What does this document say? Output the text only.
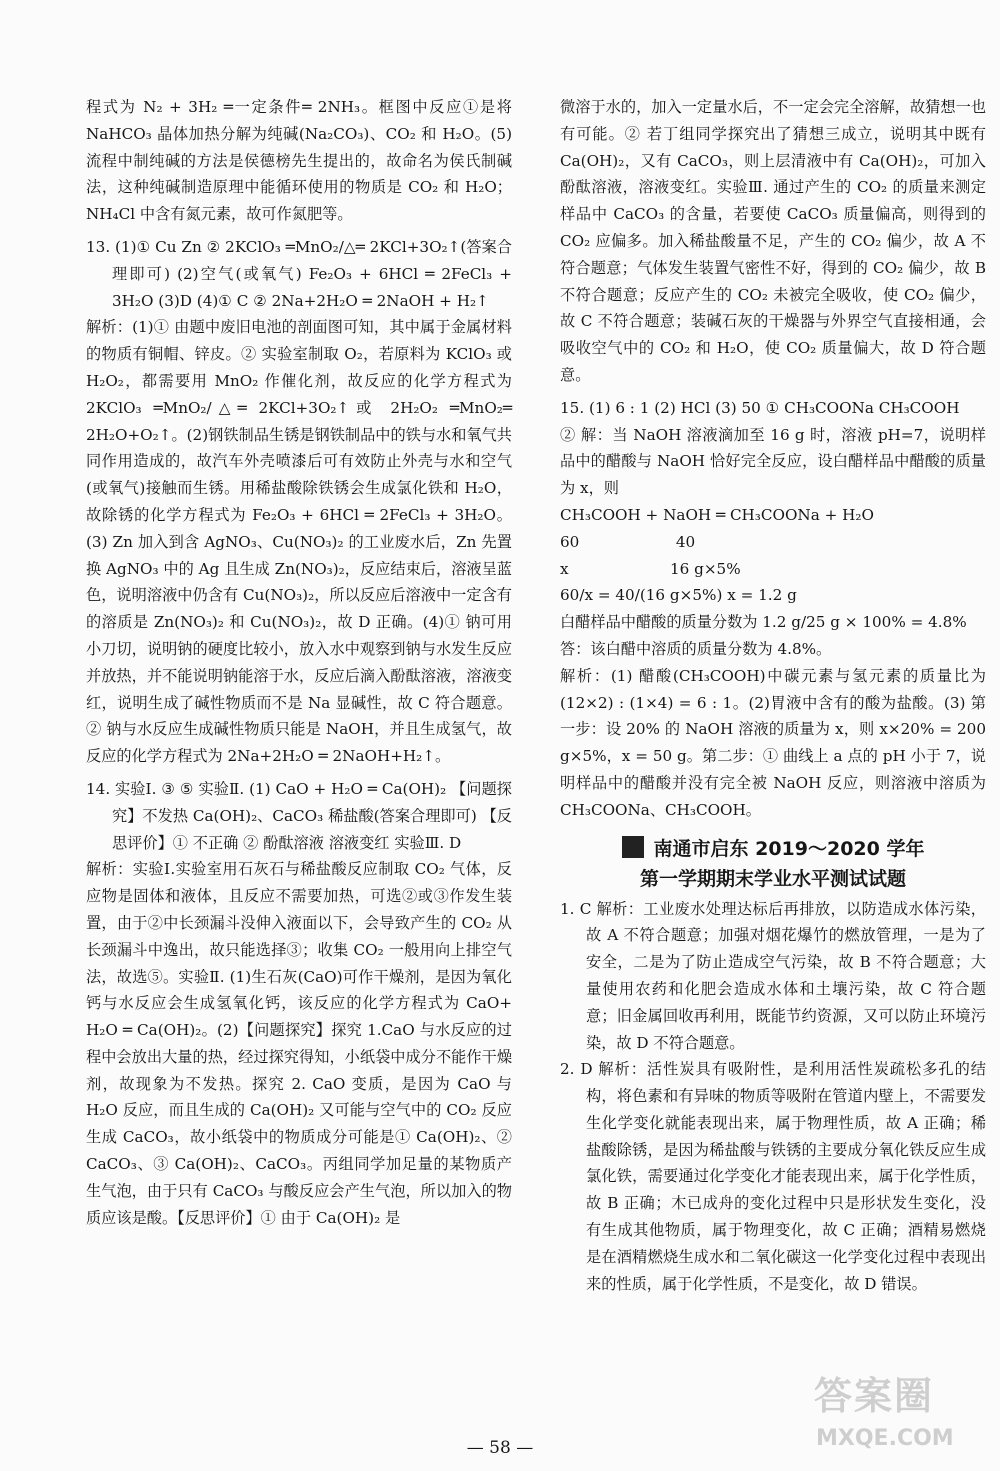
程式为 N₂ + 3H₂ ═一定条件═ 2NH₃。框图中反应①是将NaHCO₃ 晶体加热分解为纯碱(Na₂CO₃)、CO₂ 和 H₂O。(5)流程中制纯碱的方法是侯德榜先生提出的，故命名为侯氏制碱法，这种纯碱制造原理中能循环使用的物质是 CO₂ 和 H₂O；NH₄Cl 中含有氮元素，故可作氮肥等。

13. (1)① Cu Zn ② 2KClO₃ ═MnO₂/△═ 2KCl+3O₂↑(答案合理即可) (2)空气(或氧气) Fe₂O₃ + 6HCl ═ 2FeCl₃ + 3H₂O (3)D (4)① C ② 2Na+2H₂O ═ 2NaOH + H₂↑

解析：(1)① 由题中废旧电池的剖面图可知，其中属于金属材料的物质有铜帽、锌皮。② 实验室制取 O₂，若原料为 KClO₃ 或 H₂O₂，都需要用 MnO₂ 作催化剂，故反应的化学方程式为 2KClO₃ ═MnO₂/△═ 2KCl+3O₂↑或 2H₂O₂ ═MnO₂═ 2H₂O+O₂↑。(2)钢铁制品生锈是钢铁制品中的铁与水和氧气共同作用造成的，故汽车外壳喷漆后可有效防止外壳与水和空气(或氧气)接触而生锈。用稀盐酸除铁锈会生成氯化铁和 H₂O，故除锈的化学方程式为 Fe₂O₃ + 6HCl ═ 2FeCl₃ + 3H₂O。(3) Zn 加入到含 AgNO₃、Cu(NO₃)₂ 的工业废水后，Zn 先置换 AgNO₃ 中的 Ag 且生成 Zn(NO₃)₂，反应结束后，溶液呈蓝色，说明溶液中仍含有 Cu(NO₃)₂，所以反应后溶液中一定含有的溶质是 Zn(NO₃)₂ 和 Cu(NO₃)₂，故 D 正确。(4)① 钠可用小刀切，说明钠的硬度比较小，放入水中观察到钠与水发生反应并放热，并不能说明钠能溶于水，反应后滴入酚酞溶液，溶液变红，说明生成了碱性物质而不是 Na 显碱性，故 C 符合题意。② 钠与水反应生成碱性物质只能是 NaOH，并且生成氢气，故反应的化学方程式为 2Na+2H₂O ═ 2NaOH+H₂↑。

14. 实验Ⅰ. ③ ⑤ 实验Ⅱ. (1) CaO + H₂O ═ Ca(OH)₂ 【问题探究】不发热 Ca(OH)₂、CaCO₃ 稀盐酸(答案合理即可) 【反思评价】① 不正确 ② 酚酞溶液 溶液变红 实验Ⅲ. D

解析：实验Ⅰ.实验室用石灰石与稀盐酸反应制取 CO₂ 气体，反应物是固体和液体，且反应不需要加热，可选②或③作发生装置，由于②中长颈漏斗没伸入液面以下，会导致产生的 CO₂ 从长颈漏斗中逸出，故只能选择③；收集 CO₂ 一般用向上排空气法，故选⑤。实验Ⅱ. (1)生石灰(CaO)可作干燥剂，是因为氧化钙与水反应会生成氢氧化钙，该反应的化学方程式为 CaO+ H₂O ═ Ca(OH)₂。(2)【问题探究】探究 1.CaO 与水反应的过程中会放出大量的热，经过探究得知，小纸袋中成分不能作干燥剂，故现象为不发热。探究 2. CaO 变质，是因为 CaO 与 H₂O 反应，而且生成的 Ca(OH)₂ 又可能与空气中的 CO₂ 反应生成 CaCO₃，故小纸袋中的物质成分可能是① Ca(OH)₂、② CaCO₃、③ Ca(OH)₂、CaCO₃。丙组同学加足量的某物质产生气泡，由于只有 CaCO₃ 与酸反应会产生气泡，所以加入的物质应该是酸。【反思评价】① 由于 Ca(OH)₂ 是

微溶于水的，加入一定量水后，不一定会完全溶解，故猜想一也有可能。② 若丁组同学探究出了猜想三成立，说明其中既有 Ca(OH)₂，又有 CaCO₃，则上层清液中有 Ca(OH)₂，可加入酚酞溶液，溶液变红。实验Ⅲ. 通过产生的 CO₂ 的质量来测定样品中 CaCO₃ 的含量，若要使 CaCO₃ 质量偏高，则得到的 CO₂ 应偏多。加入稀盐酸量不足，产生的 CO₂ 偏少，故 A 不符合题意；气体发生装置气密性不好，得到的 CO₂ 偏少，故 B 不符合题意；反应产生的 CO₂ 未被完全吸收，使 CO₂ 偏少，故 C 不符合题意；装碱石灰的干燥器与外界空气直接相通，会吸收空气中的 CO₂ 和 H₂O，使 CO₂ 质量偏大，故 D 符合题意。

15. (1) 6 : 1 (2) HCl (3) 50 ① CH₃COONa CH₃COOH

② 解：当 NaOH 溶液滴加至 16 g 时，溶液 pH=7，说明样品中的醋酸与 NaOH 恰好完全反应，设白醋样品中醋酸的质量为 x，则

CH₃COOH + NaOH ═ CH₃COONa + H₂O

60                    40

x                     16 g×5%

60/x = 40/(16 g×5%) x = 1.2 g

白醋样品中醋酸的质量分数为 1.2 g/25 g × 100% = 4.8%

答：该白醋中溶质的质量分数为 4.8%。

解析：(1) 醋酸(CH₃COOH)中碳元素与氢元素的质量比为(12×2) : (1×4) = 6 : 1。(2)胃液中含有的酸为盐酸。(3) 第一步：设 20% 的 NaOH 溶液的质量为 x，则 x×20% = 200 g×5%，x = 50 g。第二步：① 曲线上 a 点的 pH 小于 7，说明样品中的醋酸并没有完全被 NaOH 反应，则溶液中溶质为 CH₃COONa、CH₃COOH。

南通市启东 2019～2020 学年
第一学期期末学业水平测试试题

1. C 解析：工业废水处理达标后再排放，以防造成水体污染，故 A 不符合题意；加强对烟花爆竹的燃放管理，一是为了安全，二是为了防止造成空气污染，故 B 不符合题意；大量使用农药和化肥会造成水体和土壤污染，故 C 符合题意；旧金属回收再利用，既能节约资源，又可以防止环境污染，故 D 不符合题意。

2. D 解析：活性炭具有吸附性，是利用活性炭疏松多孔的结构，将色素和有异味的物质等吸附在管道内壁上，不需要发生化学变化就能表现出来，属于物理性质，故 A 正确；稀盐酸除锈，是因为稀盐酸与铁锈的主要成分氧化铁反应生成氯化铁，需要通过化学变化才能表现出来，属于化学性质，故 B 正确；木已成舟的变化过程中只是形状发生变化，没有生成其他物质，属于物理变化，故 C 正确；酒精易燃烧是在酒精燃烧生成水和二氧化碳这一化学变化过程中表现出来的性质，属于化学性质，不是变化，故 D 错误。

— 58 —
答案圈
MXQE.COM
